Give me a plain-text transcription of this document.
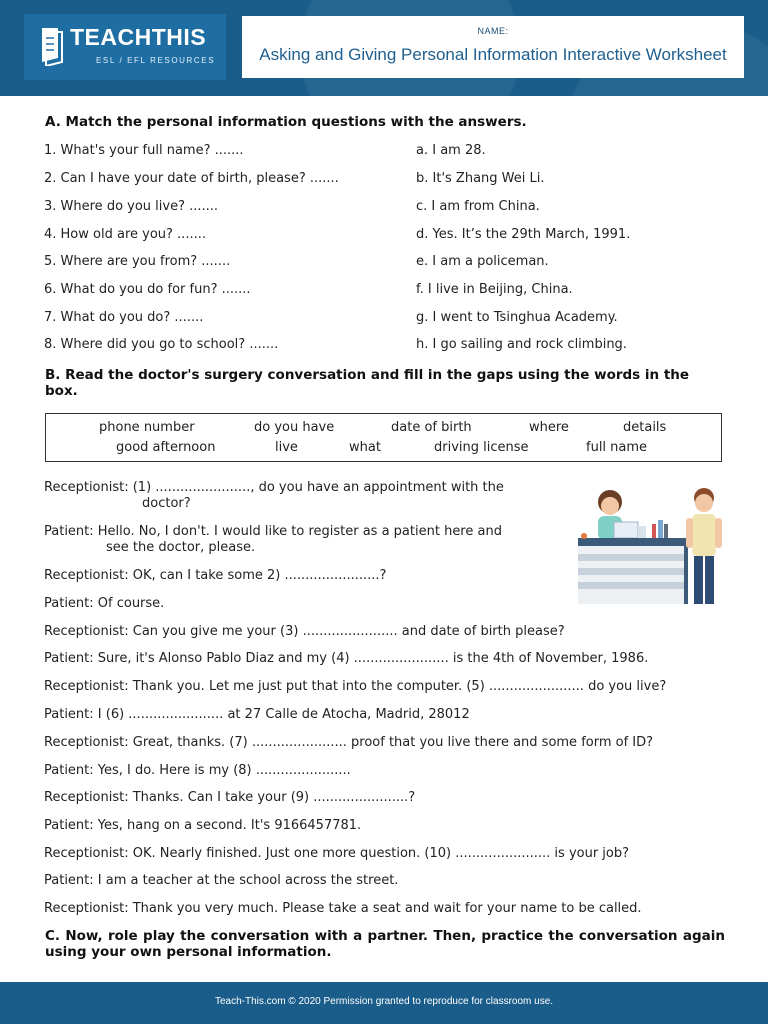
TEACHTHIS
ESL / EFL RESOURCES
NAME:
Asking and Giving Personal Information Interactive Worksheet
A. Match the personal information questions with the answers.
1. What's your full name? .......	a. I am 28.
2. Can I have your date of birth, please? .......	b. It's Zhang Wei Li.
3. Where do you live? .......	c. I am from China.
4. How old are you? .......	d. Yes. It’s the 29th March, 1991.
5. Where are you from? .......	e. I am a policeman.
6. What do you do for fun? .......	f. I live in Beijing, China.
7. What do you do? .......	g. I went to Tsinghua Academy.
8. Where did you go to school? .......	h. I go sailing and rock climbing.
B. Read the doctor's surgery conversation and fill in the gaps using the words in the box.
phone number	do you have	date of birth	where	details
good afternoon	live	what	driving license	full name
Receptionist: (1) ......................., do you have an appointment with the
doctor?
Patient: Hello. No, I don't. I would like to register as a patient here and
see the doctor, please.
Receptionist: OK, can I take some 2) .......................?
Patient: Of course.
Receptionist: Can you give me your (3) ....................... and date of birth please?
Patient: Sure, it's Alonso Pablo Diaz and my (4) ....................... is the 4th of November, 1986.
Receptionist: Thank you. Let me just put that into the computer. (5) ....................... do you live?
Patient: I (6) ....................... at 27 Calle de Atocha, Madrid, 28012
Receptionist: Great, thanks. (7) ....................... proof that you live there and some form of ID?
Patient: Yes, I do. Here is my (8) .......................
Receptionist: Thanks. Can I take your (9) .......................?
Patient: Yes, hang on a second. It's 9166457781.
Receptionist: OK. Nearly finished. Just one more question. (10) ....................... is your job?
Patient: I am a teacher at the school across the street.
Receptionist: Thank you very much. Please take a seat and wait for your name to be called.
C. Now, role play the conversation with a partner. Then, practice the conversation again using your own personal information.
Teach-This.com © 2020 Permission granted to reproduce for classroom use.
